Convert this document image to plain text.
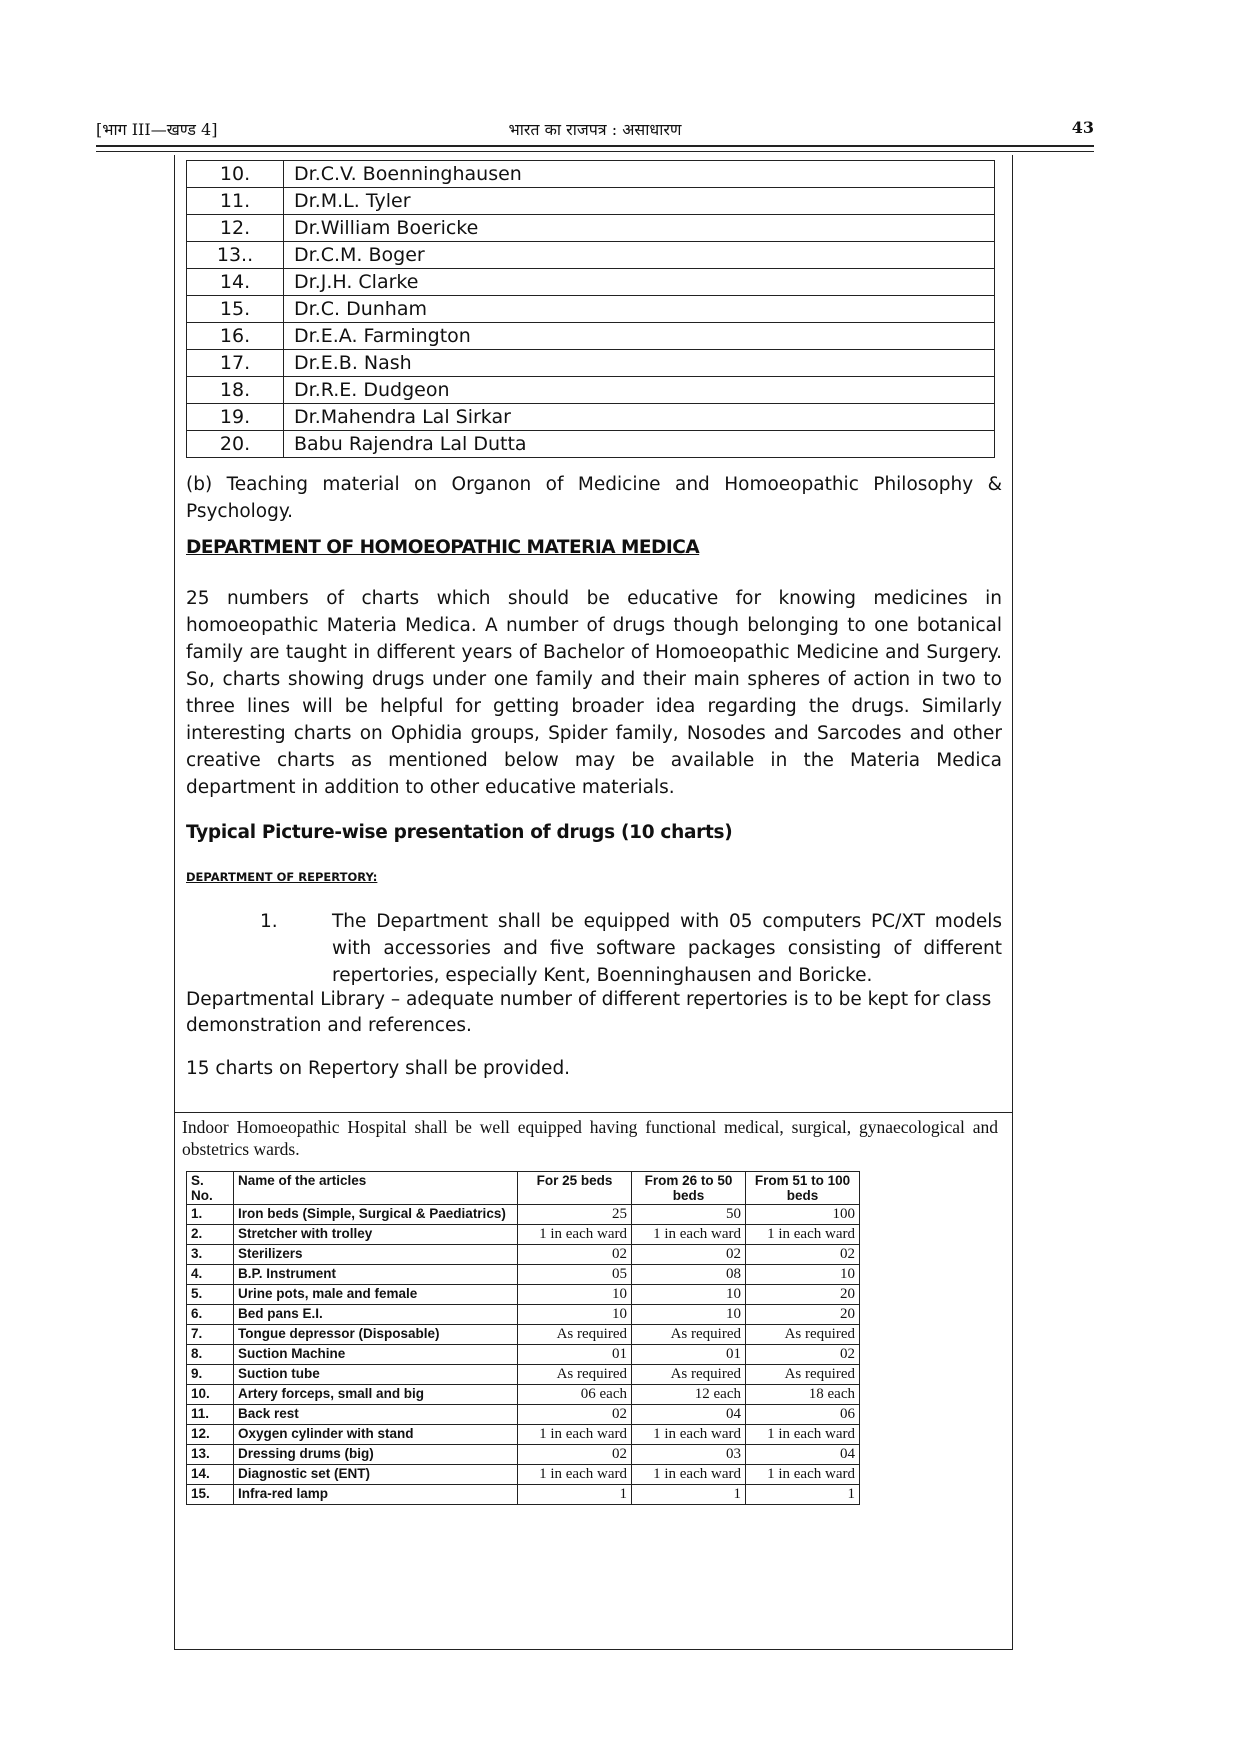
[भाग III—खण्ड 4]	भारत का राजपत्र : असाधारण	43
10.	Dr.C.V. Boenninghausen
11.	Dr.M.L. Tyler
12.	Dr.William Boericke
13..	Dr.C.M. Boger
14.	Dr.J.H. Clarke
15.	Dr.C. Dunham
16.	Dr.E.A. Farmington
17.	Dr.E.B. Nash
18.	Dr.R.E. Dudgeon
19.	Dr.Mahendra Lal Sirkar
20.	Babu Rajendra Lal Dutta
(b) Teaching material on Organon of Medicine and Homoeopathic Philosophy & Psychology.
DEPARTMENT OF HOMOEOPATHIC MATERIA MEDICA
25 numbers of charts which should be educative for knowing medicines in homoeopathic Materia Medica. A number of drugs though belonging to one botanical family are taught in different years of Bachelor of Homoeopathic Medicine and Surgery. So, charts showing drugs under one family and their main spheres of action in two to three lines will be helpful for getting broader idea regarding the drugs. Similarly interesting charts on Ophidia groups, Spider family, Nosodes and Sarcodes and other creative charts as mentioned below may be available in the Materia Medica department in addition to other educative materials.
Typical Picture-wise presentation of drugs (10 charts)
DEPARTMENT OF REPERTORY:
1.	The Department shall be equipped with 05 computers PC/XT models with accessories and five software packages consisting of different repertories, especially Kent, Boenninghausen and Boricke.
Departmental Library – adequate number of different repertories is to be kept for class demonstration and references.
15 charts on Repertory shall be provided.
Indoor Homoeopathic Hospital shall be well equipped having functional medical, surgical, gynaecological and obstetrics wards.
S. No.	Name of the articles	For 25 beds	From 26 to 50 beds	From 51 to 100 beds
1.	Iron beds (Simple, Surgical & Paediatrics)	25	50	100
2.	Stretcher with trolley	1 in each ward	1 in each ward	1 in each ward
3.	Sterilizers	02	02	02
4.	B.P. Instrument	05	08	10
5.	Urine pots, male and female	10	10	20
6.	Bed pans E.I.	10	10	20
7.	Tongue depressor (Disposable)	As required	As required	As required
8.	Suction Machine	01	01	02
9.	Suction tube	As required	As required	As required
10.	Artery forceps, small and big	06 each	12 each	18 each
11.	Back rest	02	04	06
12.	Oxygen cylinder with stand	1 in each ward	1 in each ward	1 in each ward
13.	Dressing drums (big)	02	03	04
14.	Diagnostic set (ENT)	1 in each ward	1 in each ward	1 in each ward
15.	Infra-red lamp	1	1	1
